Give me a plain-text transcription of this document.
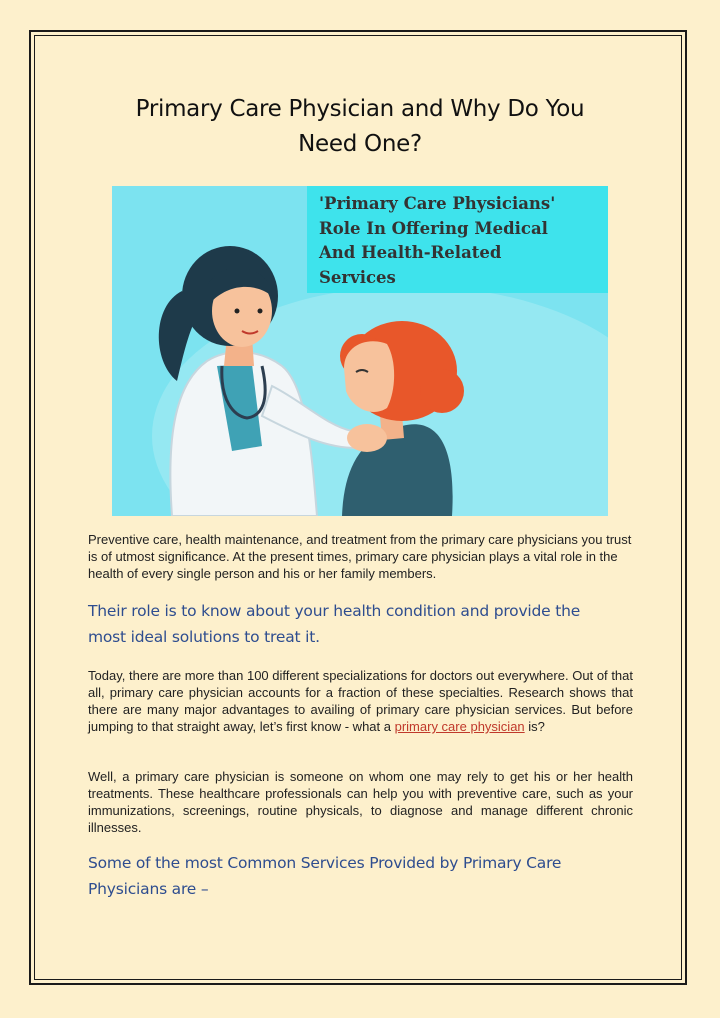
Primary Care Physician and Why Do You
Need One?
'Primary Care Physicians'
Role In Offering Medical
And Health-Related
Services
Preventive care, health maintenance, and treatment from the primary care physicians you trust is of utmost significance. At the present times, primary care physician plays a vital role in the health of every single person and his or her family members.
Their role is to know about your health condition and provide the
most ideal solutions to treat it.
Today, there are more than 100 different specializations for doctors out everywhere. Out of that all, primary care physician accounts for a fraction of these specialties. Research shows that there are many major advantages to availing of primary care physician services. But before jumping to that straight away, let’s first know - what a primary care physician is?
Well, a primary care physician is someone on whom one may rely to get his or her health treatments. These healthcare professionals can help you with preventive care, such as your immunizations, screenings, routine physicals, to diagnose and manage different chronic illnesses.
Some of the most Common Services Provided by Primary Care
Physicians are –
